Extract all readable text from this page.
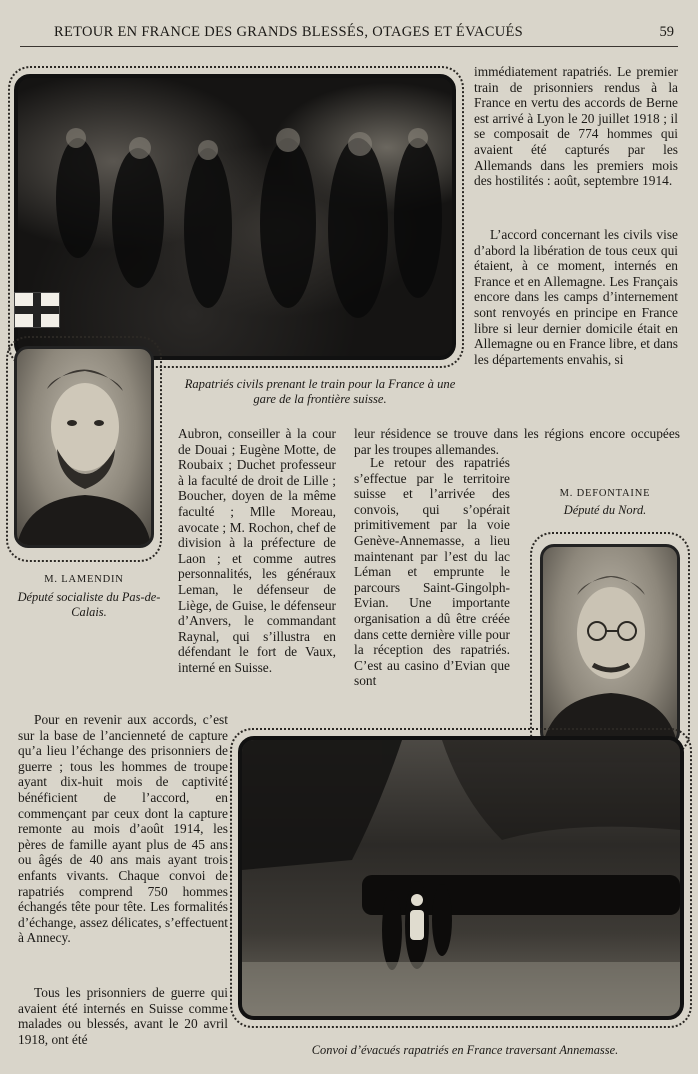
RETOUR EN FRANCE DES GRANDS BLESSÉS, OTAGES ET ÉVACUÉS	59

Rapatriés civils prenant le train pour la France à une gare de la frontière suisse.

M. LAMENDIN

Député socialiste du Pas-de-Calais.

immédiatement rapatriés. Le premier train de prisonniers rendus à la France en vertu des accords de Berne est arrivé à Lyon le 20 juillet 1918 ; il se composait de 774 hommes qui avaient été capturés par les Allemands dans les premiers mois des hostilités : août, septembre 1914.

L’accord concernant les civils vise d’abord la libération de tous ceux qui étaient, à ce moment, internés en France et en Allemagne. Les Français encore dans les camps d’internement sont renvoyés en principe en France libre si leur dernier domicile était en Allemagne ou en France libre, et dans les départements envahis, si

Aubron, conseiller à la cour de Douai ; Eugène Motte, de Roubaix ; Duchet professeur à la faculté de droit de Lille ; Boucher, doyen de la même faculté ; Mlle Moreau, avocate ; M. Rochon, chef de division à la préfecture de Laon ; et comme autres personnalités, les généraux Leman, le défenseur de Liège, de Guise, le défenseur d’Anvers, le commandant Raynal, qui s’illustra en défendant le fort de Vaux, interné en Suisse.

leur résidence se trouve dans les régions encore occupées par les troupes allemandes.

Le retour des rapatriés s’effectue par le territoire suisse et l’arrivée des convois, qui s’opérait primitivement par la voie Genève-Annemasse, a lieu maintenant par l’est du lac Léman et emprunte le parcours Saint-Gingolph-Evian. Une importante organisation a dû être créée dans cette dernière ville pour la réception des rapatriés. C’est au casino d’Evian que sont

M. DEFONTAINE

Député du Nord.

Pour en revenir aux accords, c’est sur la base de l’ancienneté de capture qu’a lieu l’échange des prisonniers de guerre ; tous les hommes de troupe ayant dix-huit mois de captivité bénéficient de l’accord, en commençant par ceux dont la capture remonte au mois d’août 1914, les pères de famille ayant plus de 45 ans ou âgés de 40 ans mais ayant trois enfants vivants. Chaque convoi de rapatriés comprend 750 hommes échangés tête pour tête. Les formalités d’échange, assez délicates, s’effectuent à Annecy.

Tous les prisonniers de guerre qui avaient été internés en Suisse comme malades ou blessés, avant le 20 avril 1918, ont été

Convoi d’évacués rapatriés en France traversant Annemasse.
